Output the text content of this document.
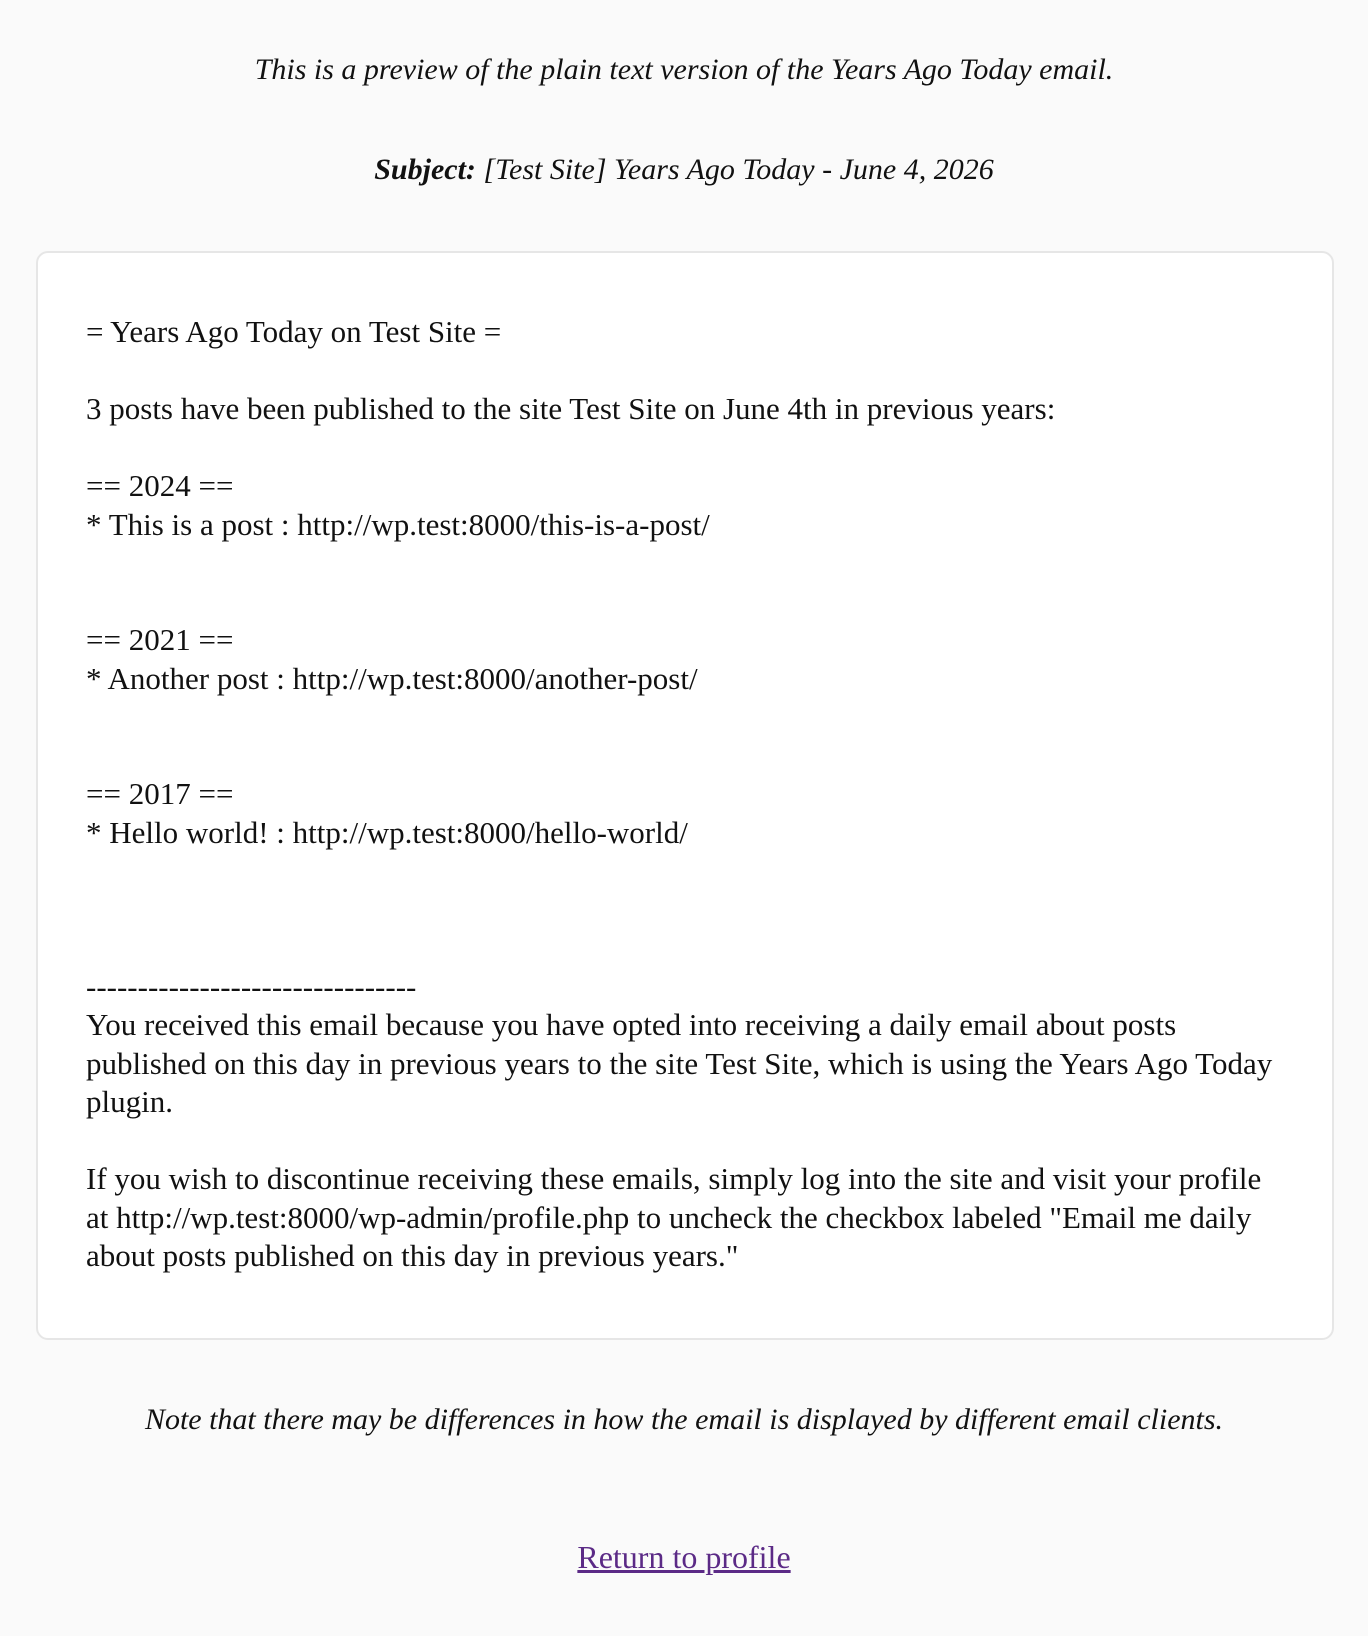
This is a preview of the plain text version of the Years Ago Today email.

Subject: [Test Site] Years Ago Today - June 4, 2026

= Years Ago Today on Test Site =

3 posts have been published to the site Test Site on June 4th in previous years:

== 2024 ==
* This is a post : http://wp.test:8000/this-is-a-post/

== 2021 ==
* Another post : http://wp.test:8000/another-post/

== 2017 ==
* Hello world! : http://wp.test:8000/hello-world/

--------------------------------
You received this email because you have opted into receiving a daily email about posts published on this day in previous years to the site Test Site, which is using the Years Ago Today plugin.

If you wish to discontinue receiving these emails, simply log into the site and visit your profile at http://wp.test:8000/wp-admin/profile.php to uncheck the checkbox labeled "Email me daily about posts published on this day in previous years."

Note that there may be differences in how the email is displayed by different email clients.

Return to profile
